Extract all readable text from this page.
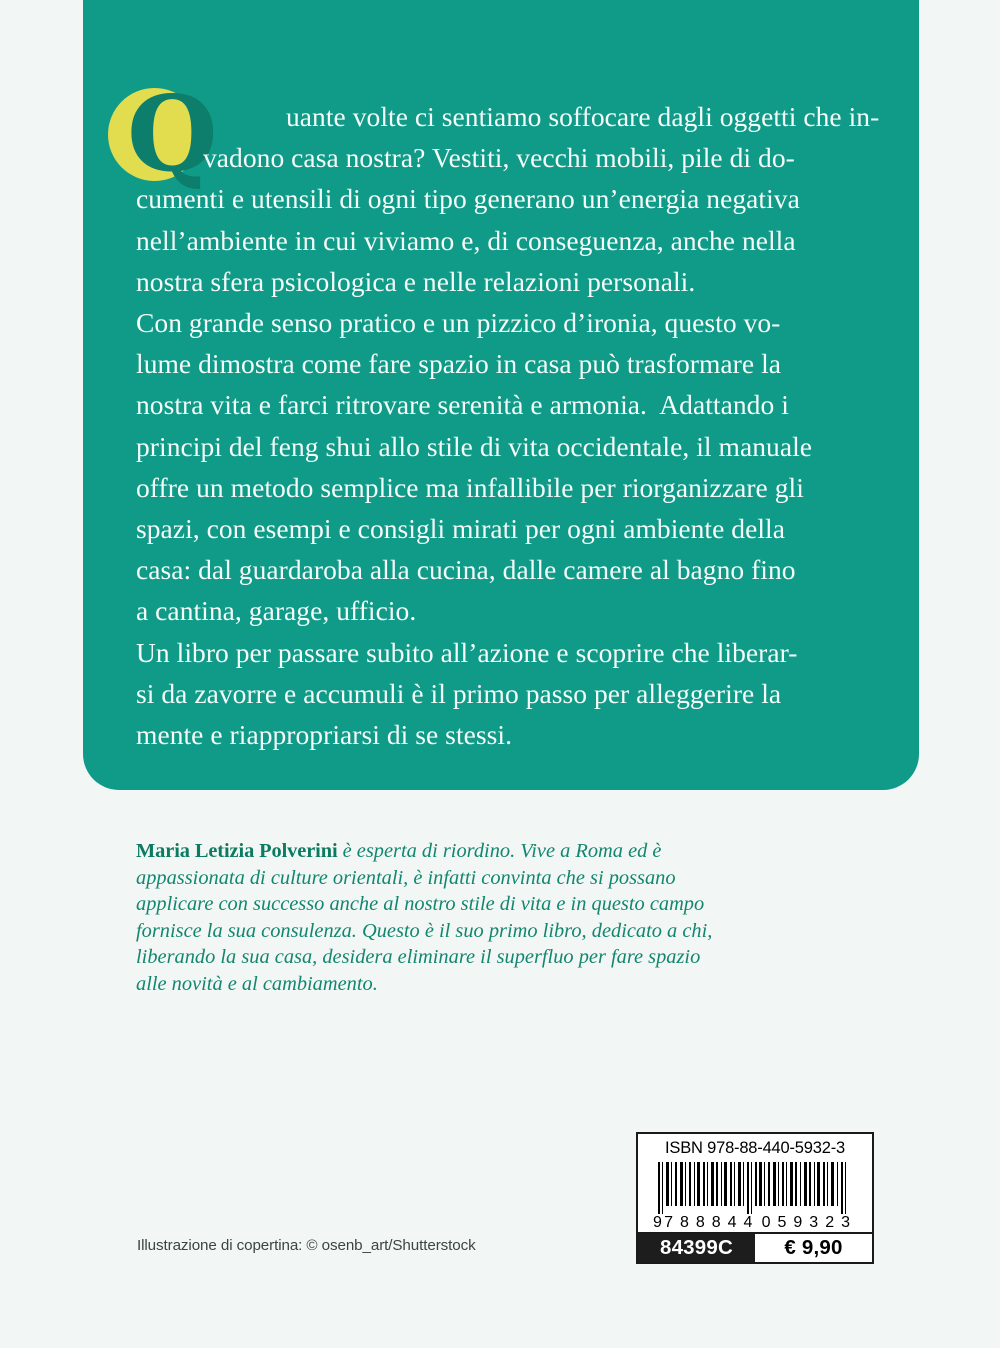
Q	uante volte ci sentiamo soffocare dagli oggetti che in-
vadono casa nostra? Vestiti, vecchi mobili, pile di do-
cumenti e utensili di ogni tipo generano un’energia negativa
nell’ambiente in cui viviamo e, di conseguenza, anche nella
nostra sfera psicologica e nelle relazioni personali.
Con grande senso pratico e un pizzico d’ironia, questo vo-
lume dimostra come fare spazio in casa può trasformare la
nostra vita e farci ritrovare serenità e armonia.  Adattando i
principi del feng shui allo stile di vita occidentale, il manuale
offre un metodo semplice ma infallibile per riorganizzare gli
spazi, con esempi e consigli mirati per ogni ambiente della
casa: dal guardaroba alla cucina, dalle camere al bagno fino
a cantina, garage, ufficio.
Un libro per passare subito all’azione e scoprire che liberar-
si da zavorre e accumuli è il primo passo per alleggerire la
mente e riappropriarsi di se stessi.
Maria Letizia Polverini è esperta di riordino. Vive a Roma ed è
appassionata di culture orientali, è infatti convinta che si possano
applicare con successo anche al nostro stile di vita e in questo campo
fornisce la sua consulenza. Questo è il suo primo libro, dedicato a chi,
liberando la sua casa, desidera eliminare il superfluo per fare spazio
alle novità e al cambiamento.
Illustrazione di copertina: © osenb_art/Shutterstock
ISBN 978-88-440-5932-3
9 788844 059323
84399C	€ 9,90
